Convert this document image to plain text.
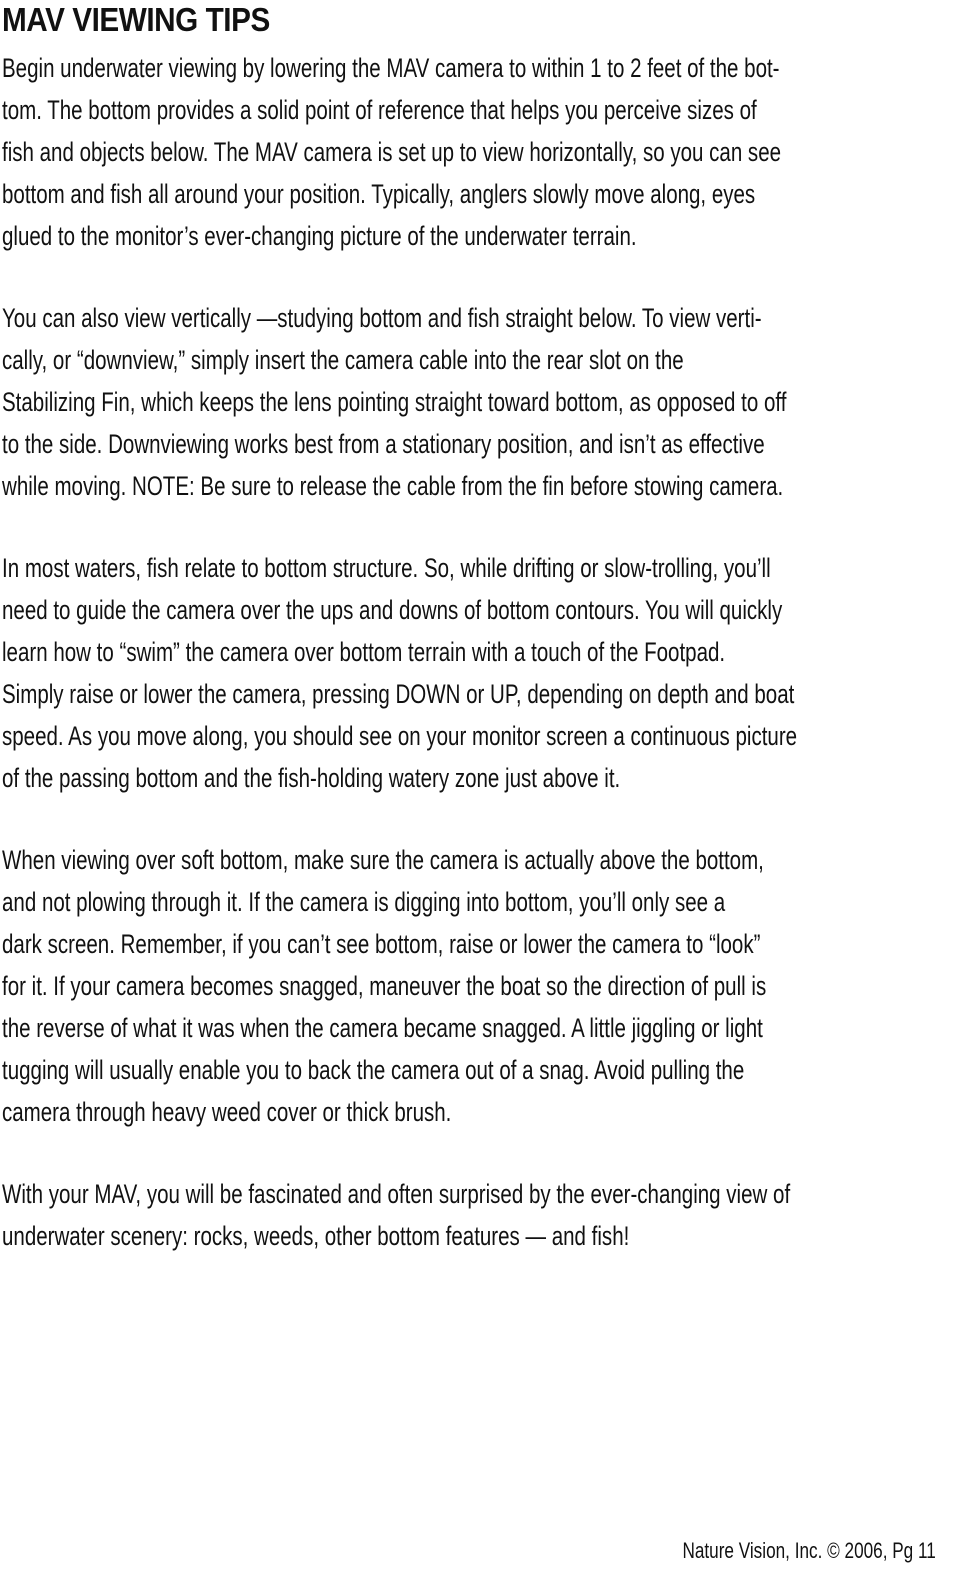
MAV VIEWING TIPS
Begin underwater viewing by lowering the MAV camera to within 1 to 2 feet of the bot-
tom. The bottom provides a solid point of reference that helps you perceive sizes of
fish and objects below. The MAV camera is set up to view horizontally, so you can see
bottom and fish all around your position. Typically, anglers slowly move along, eyes
glued to the monitor’s ever-changing picture of the underwater terrain.
You can also view vertically —studying bottom and fish straight below. To view verti-
cally, or “downview,” simply insert the camera cable into the rear slot on the
Stabilizing Fin, which keeps the lens pointing straight toward bottom, as opposed to off
to the side. Downviewing works best from a stationary position, and isn’t as effective
while moving. NOTE: Be sure to release the cable from the fin before stowing camera.
In most waters, fish relate to bottom structure. So, while drifting or slow-trolling, you’ll
need to guide the camera over the ups and downs of bottom contours. You will quickly
learn how to “swim” the camera over bottom terrain with a touch of the Footpad.
Simply raise or lower the camera, pressing DOWN or UP, depending on depth and boat
speed. As you move along, you should see on your monitor screen a continuous picture
of the passing bottom and the fish-holding watery zone just above it.
When viewing over soft bottom, make sure the camera is actually above the bottom,
and not plowing through it. If the camera is digging into bottom, you’ll only see a
dark screen. Remember, if you can’t see bottom, raise or lower the camera to “look”
for it. If your camera becomes snagged, maneuver the boat so the direction of pull is
the reverse of what it was when the camera became snagged. A little jiggling or light
tugging will usually enable you to back the camera out of a snag. Avoid pulling the
camera through heavy weed cover or thick brush.
With your MAV, you will be fascinated and often surprised by the ever-changing view of
underwater scenery: rocks, weeds, other bottom features — and fish!
Nature Vision, Inc. © 2006, Pg 11
